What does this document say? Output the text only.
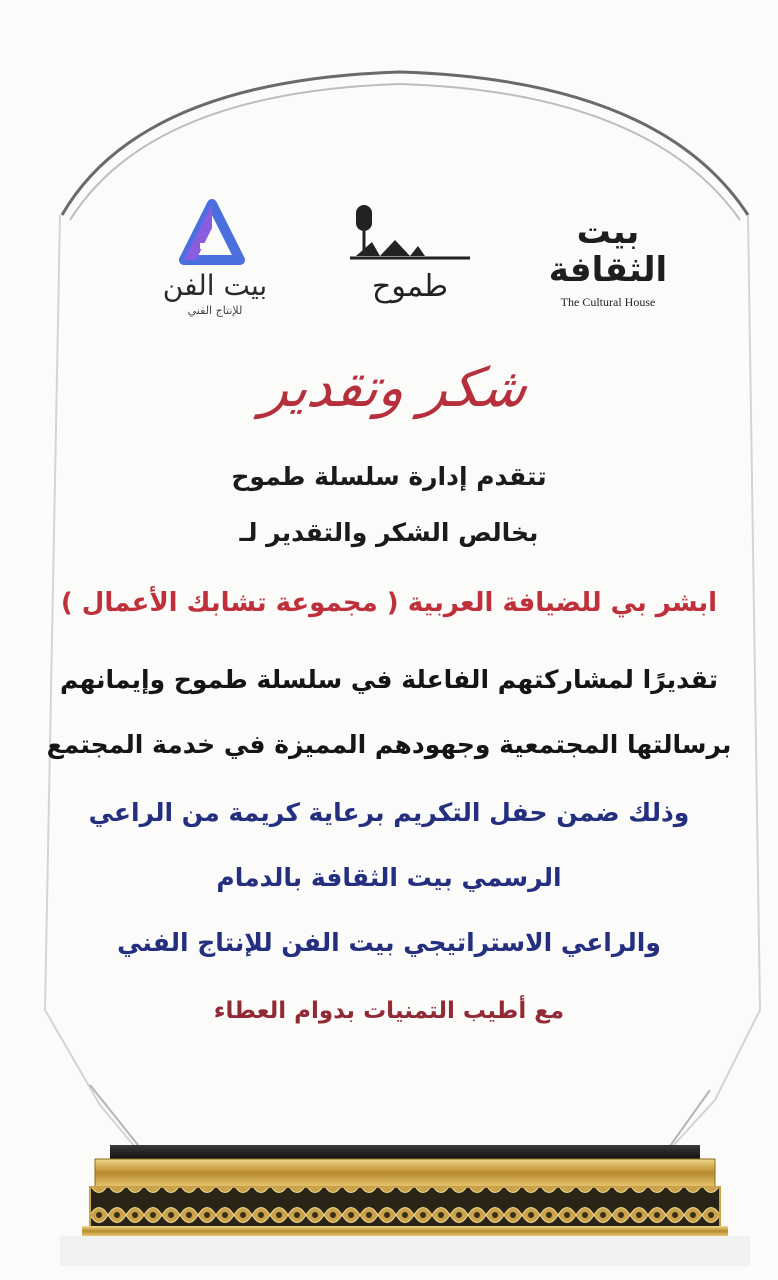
بيت الثقافة
The Cultural House
طموح
بيت الفن
للإنتاج الفني
شكر وتقدير
تتقدم إدارة سلسلة طموح
بخالص الشكر والتقدير لـ
ابشر بي للضيافة العربية ( مجموعة تشابك الأعمال )
تقديرًا لمشاركتهم الفاعلة في سلسلة طموح وإيمانهم
برسالتها المجتمعية وجهودهم المميزة في خدمة المجتمع
وذلك ضمن حفل التكريم برعاية كريمة من الراعي
الرسمي بيت الثقافة بالدمام
والراعي الاستراتيجي بيت الفن للإنتاج الفني
مع أطيب التمنيات بدوام العطاء
